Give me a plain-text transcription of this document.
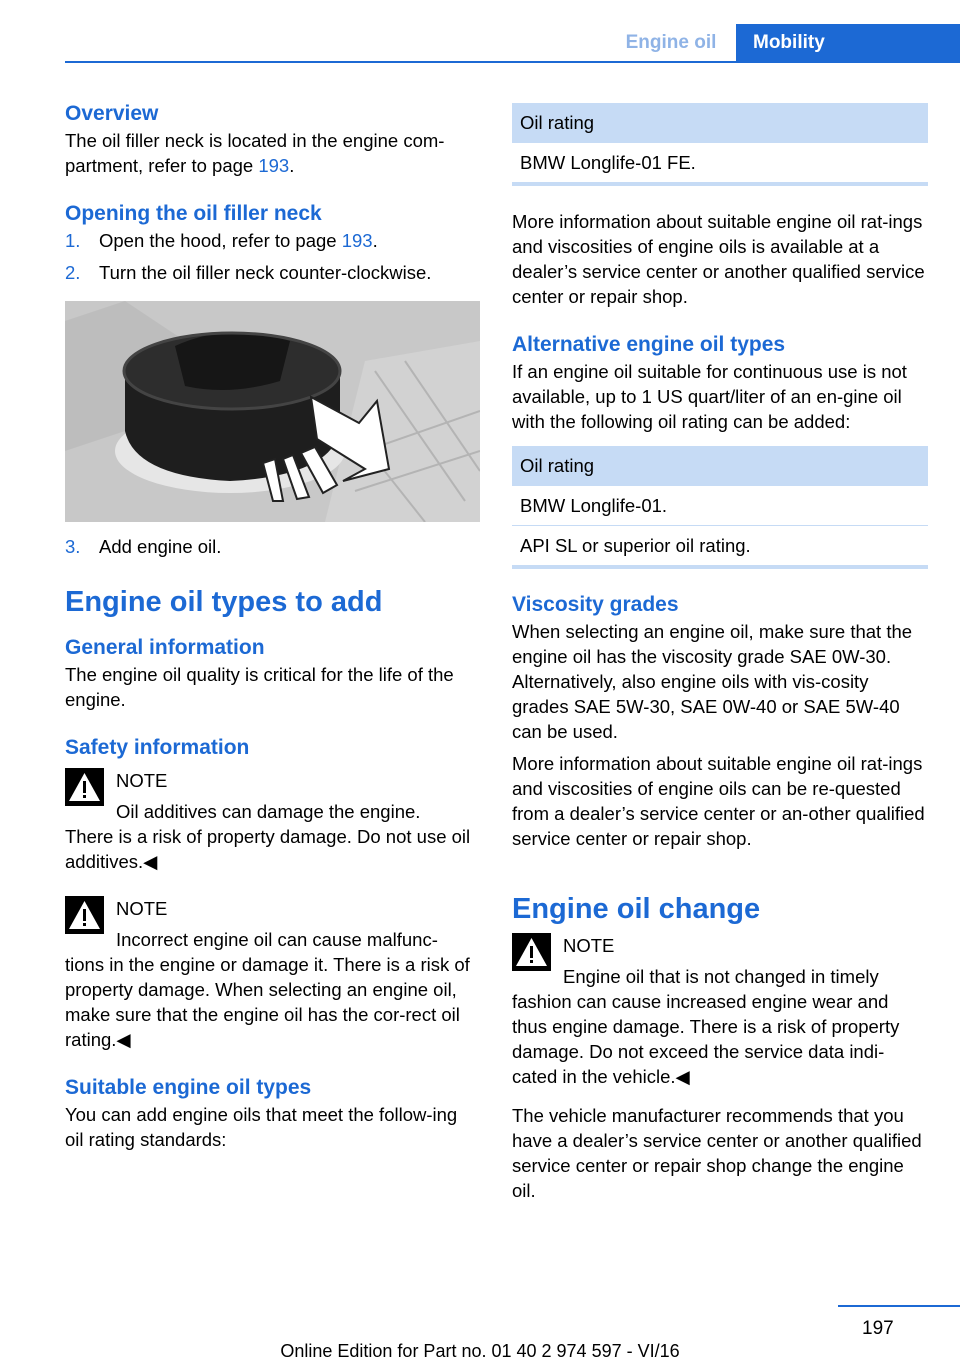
Engine oil	Mobility
Overview

The oil filler neck is located in the engine com-partment, refer to page 193.

Opening the oil filler neck
1. Open the hood, refer to page 193.
2. Turn the oil filler neck counter-clockwise.
3. Add engine oil.
Engine oil types to add
General information

The engine oil quality is critical for the life of the engine.

Safety information
NOTE

Oil additives can damage the engine.

There is a risk of property damage. Do not use oil additives.◀

NOTE

Incorrect engine oil can cause malfunc-

tions in the engine or damage it. There is a risk of property damage. When selecting an engine oil, make sure that the engine oil has the cor-rect oil rating.◀

Suitable engine oil types

You can add engine oils that meet the follow-ing oil rating standards:

Oil rating
BMW Longlife-01 FE.

More information about suitable engine oil rat-ings and viscosities of engine oils is available at a dealer’s service center or another qualified service center or repair shop.

Alternative engine oil types

If an engine oil suitable for continuous use is not available, up to 1 US quart/liter of an en-gine oil with the following oil rating can be added:

Oil rating
BMW Longlife-01.
API SL or superior oil rating.
Viscosity grades

When selecting an engine oil, make sure that the engine oil has the viscosity grade SAE 0W-30. Alternatively, also engine oils with vis-cosity grades SAE 5W-30, SAE 0W-40 or SAE 5W-40 can be used.

More information about suitable engine oil rat-ings and viscosities of engine oils can be re-quested from a dealer’s service center or an-other qualified service center or repair shop.

Engine oil change
NOTE

Engine oil that is not changed in timely

fashion can cause increased engine wear and thus engine damage. There is a risk of property damage. Do not exceed the service data indi-cated in the vehicle.◀

The vehicle manufacturer recommends that you have a dealer’s service center or another qualified service center or repair shop change the engine oil.

197
Online Edition for Part no. 01 40 2 974 597 - VI/16
